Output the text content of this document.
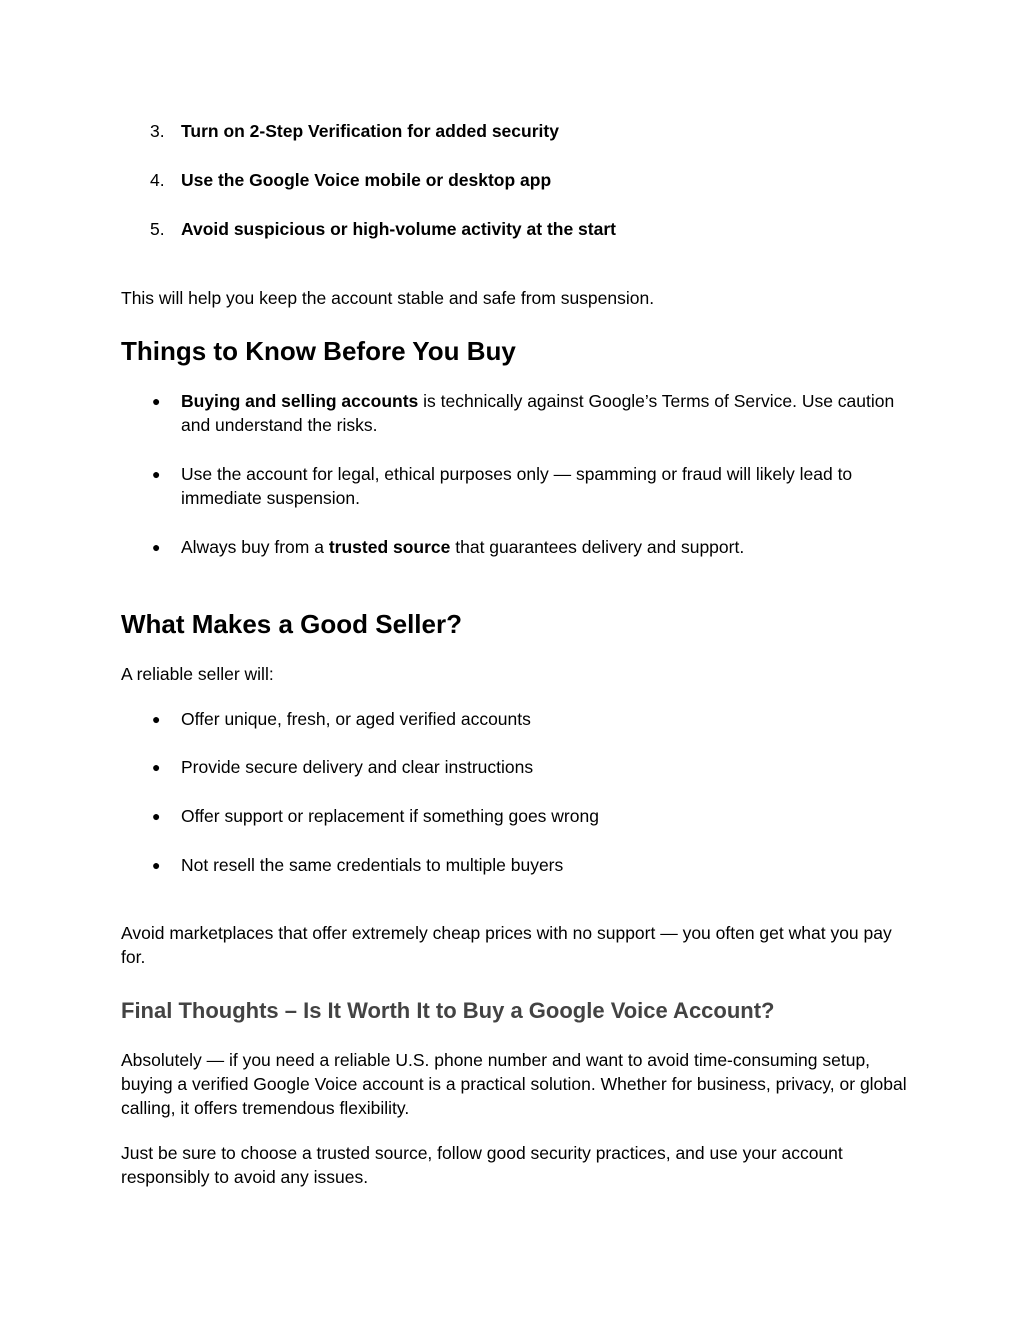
3. Turn on 2-Step Verification for added security
4. Use the Google Voice mobile or desktop app
5. Avoid suspicious or high-volume activity at the start

This will help you keep the account stable and safe from suspension.

Things to Know Before You Buy
● Buying and selling accounts is technically against Google’s Terms of Service. Use caution and understand the risks.
● Use the account for legal, ethical purposes only — spamming or fraud will likely lead to immediate suspension.
● Always buy from a trusted source that guarantees delivery and support.
What Makes a Good Seller?

A reliable seller will:

● Offer unique, fresh, or aged verified accounts
● Provide secure delivery and clear instructions
● Offer support or replacement if something goes wrong
● Not resell the same credentials to multiple buyers

Avoid marketplaces that offer extremely cheap prices with no support — you often get what you pay for.

Final Thoughts – Is It Worth It to Buy a Google Voice Account?

Absolutely — if you need a reliable U.S. phone number and want to avoid time-consuming setup, buying a verified Google Voice account is a practical solution. Whether for business, privacy, or global calling, it offers tremendous flexibility.

Just be sure to choose a trusted source, follow good security practices, and use your account responsibly to avoid any issues.
